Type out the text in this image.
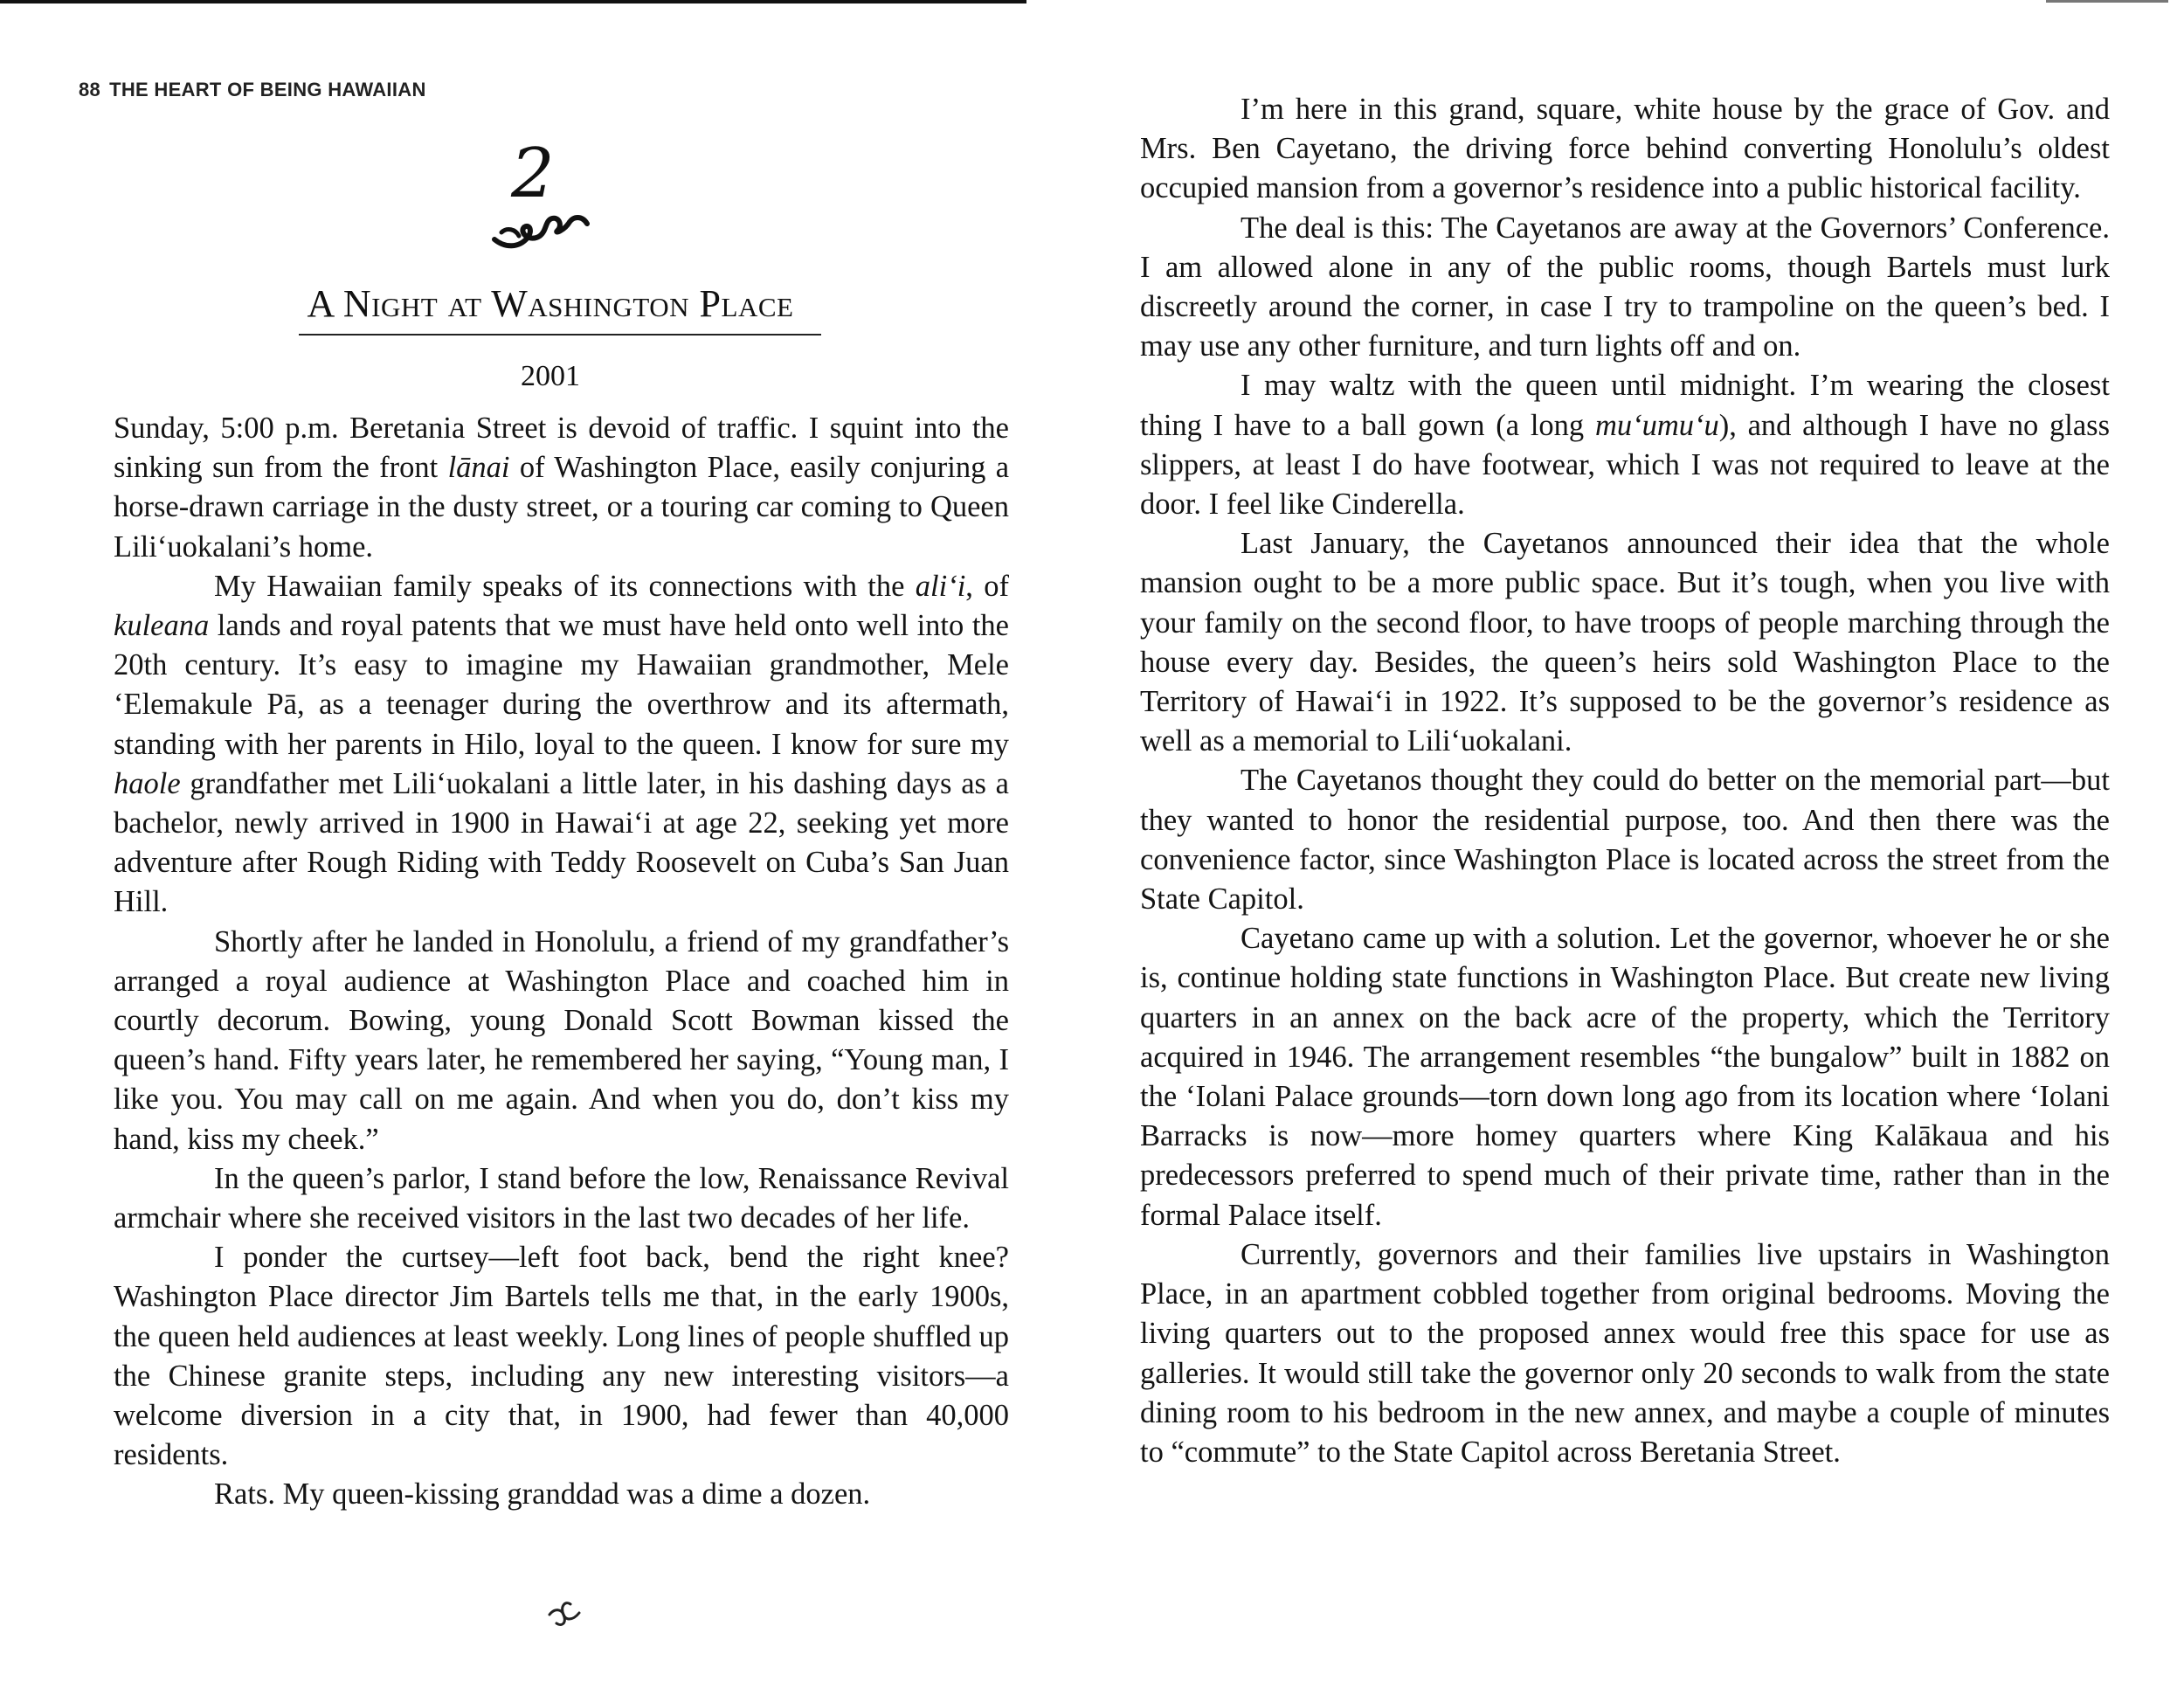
88 THE HEART OF BEING HAWAIIAN
2
A Night at Washington Place
2001

Sunday, 5:00 p.m. Beretania Street is devoid of traffic. I squint into the sinking sun from the front lānai of Washington Place, easily conjuring a horse-drawn carriage in the dusty street, or a touring car coming to Queen Lili‘uokalani’s home.

My Hawaiian family speaks of its connections with the ali‘i, of kuleana lands and royal patents that we must have held onto well into the 20th century. It’s easy to imagine my Hawaiian grandmother, Mele ‘Elemakule Pā, as a teenager during the overthrow and its aftermath, standing with her parents in Hilo, loyal to the queen. I know for sure my haole grandfather met Lili‘uokalani a little later, in his dashing days as a bachelor, newly arrived in 1900 in Hawai‘i at age 22, seeking yet more adventure after Rough Riding with Teddy Roosevelt on Cuba’s San Juan Hill.

Shortly after he landed in Honolulu, a friend of my grandfather’s arranged a royal audience at Washington Place and coached him in courtly decorum. Bowing, young Donald Scott Bowman kissed the queen’s hand. Fifty years later, he remembered her saying, “Young man, I like you. You may call on me again. And when you do, don’t kiss my hand, kiss my cheek.”

In the queen’s parlor, I stand before the low, Renaissance Revival armchair where she received visitors in the last two decades of her life.

I ponder the curtsey—left foot back, bend the right knee? Washington Place director Jim Bartels tells me that, in the early 1900s, the queen held audiences at least weekly. Long lines of people shuffled up the Chinese granite steps, including any new interesting visitors—a welcome diversion in a city that, in 1900, had fewer than 40,000 residents.

Rats. My queen-kissing granddad was a dime a dozen.

I’m here in this grand, square, white house by the grace of Gov. and Mrs. Ben Cayetano, the driving force behind converting Honolulu’s oldest occupied mansion from a governor’s residence into a public historical facility.

The deal is this: The Cayetanos are away at the Governors’ Conference. I am allowed alone in any of the public rooms, though Bartels must lurk discreetly around the corner, in case I try to trampoline on the queen’s bed. I may use any other furniture, and turn lights off and on.

I may waltz with the queen until midnight. I’m wearing the closest thing I have to a ball gown (a long mu‘umu‘u), and although I have no glass slippers, at least I do have footwear, which I was not required to leave at the door. I feel like Cinderella.

Last January, the Cayetanos announced their idea that the whole mansion ought to be a more public space. But it’s tough, when you live with your family on the second floor, to have troops of people marching through the house every day. Besides, the queen’s heirs sold Washington Place to the Territory of Hawai‘i in 1922. It’s supposed to be the governor’s residence as well as a memorial to Lili‘uokalani.

The Cayetanos thought they could do better on the memorial part—but they wanted to honor the residential purpose, too. And then there was the convenience factor, since Washington Place is located across the street from the State Capitol.

Cayetano came up with a solution. Let the governor, whoever he or she is, continue holding state functions in Washington Place. But create new living quarters in an annex on the back acre of the property, which the Territory acquired in 1946. The arrangement resembles “the bungalow” built in 1882 on the ‘Iolani Palace grounds—torn down long ago from its location where ‘Iolani Barracks is now—more homey quarters where King Kalākaua and his predecessors preferred to spend much of their private time, rather than in the formal Palace itself.

Currently, governors and their families live upstairs in Washington Place, in an apartment cobbled together from original bedrooms. Moving the living quarters out to the proposed annex would free this space for use as galleries. It would still take the governor only 20 seconds to walk from the state dining room to his bedroom in the new annex, and maybe a couple of minutes to “commute” to the State Capitol across Beretania Street.
